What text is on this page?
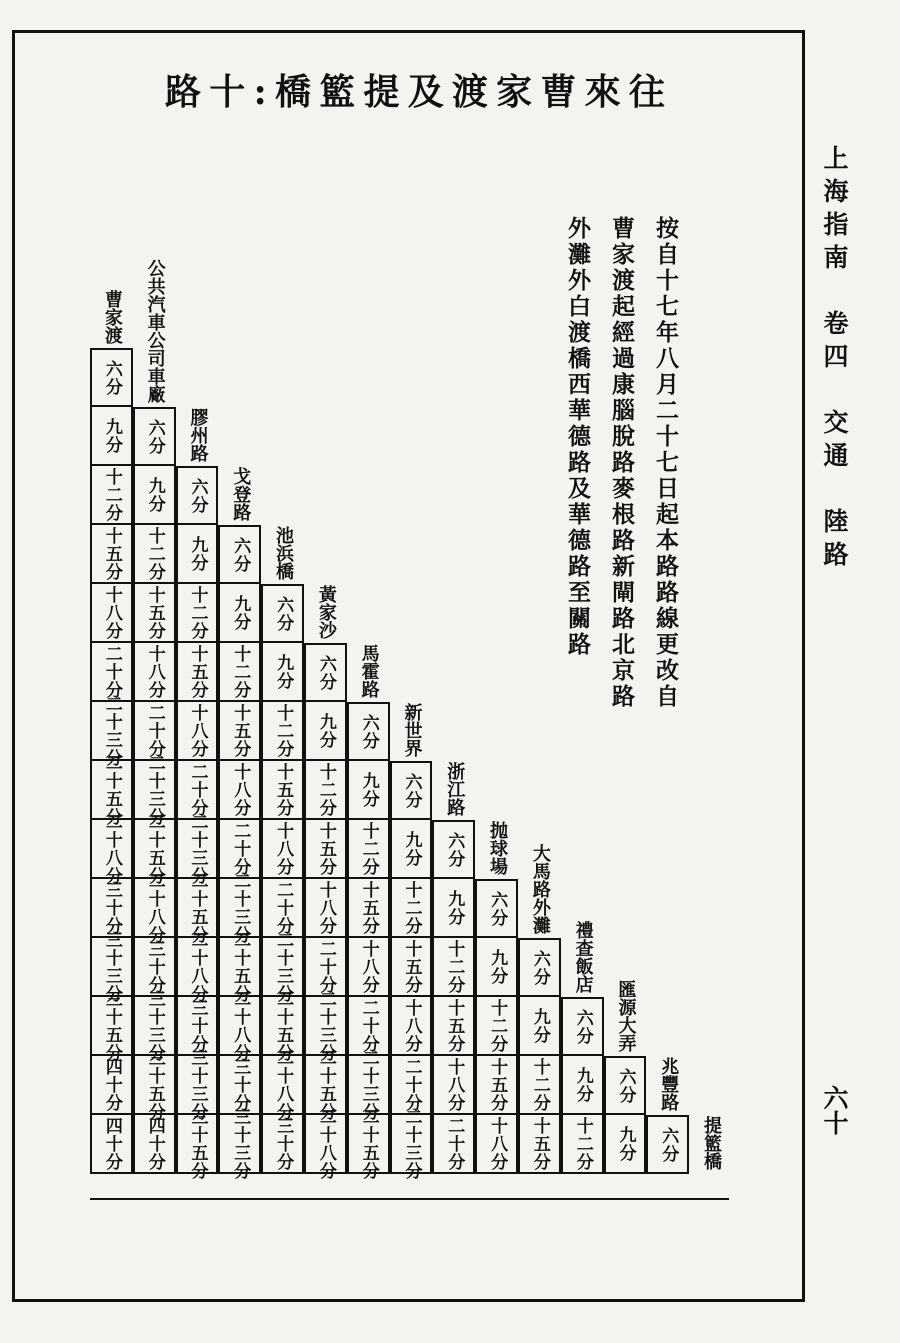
往
來
曹
家
渡
及
提
籃
橋
:
十
路
按自十七年八月二十七日起本路路線更改自
曹家渡起經過康腦脫路麥根路新閘路北京路
外灘外白渡橋西華德路及華德路至關路	上海指南　卷四　交通　陸路
六十
曹家渡
六分
九分
十二分
十五分
十八分
二十分
二十三分
二十五分
二十八分
三十分
三十三分
三十五分
四十分
四十分
公共汽車公司車廠
六分
九分
十二分
十五分
十八分
二十分
二十三分
二十五分
二十八分
三十分
三十三分
三十五分
四十分
膠州路
六分
九分
十二分
十五分
十八分
二十分
二十三分
二十五分
二十八分
三十分
三十三分
三十五分
戈登路
六分
九分
十二分
十五分
十八分
二十分
二十三分
二十五分
二十八分
三十分
三十三分
池浜橋
六分
九分
十二分
十五分
十八分
二十分
二十三分
二十五分
二十八分
三十分
黃家沙
六分
九分
十二分
十五分
十八分
二十分
二十三分
二十五分
二十八分
馬霍路
六分
九分
十二分
十五分
十八分
二十分
二十三分
二十五分
新世界
六分
九分
十二分
十五分
十八分
二十分
二十三分
浙江路
六分
九分
十二分
十五分
十八分
二十分
抛球場
六分
九分
十二分
十五分
十八分
大馬路外灘
六分
九分
十二分
十五分
禮查飯店
六分
九分
十二分
匯源大弄
六分
九分
兆豐路
六分 提籃橋
